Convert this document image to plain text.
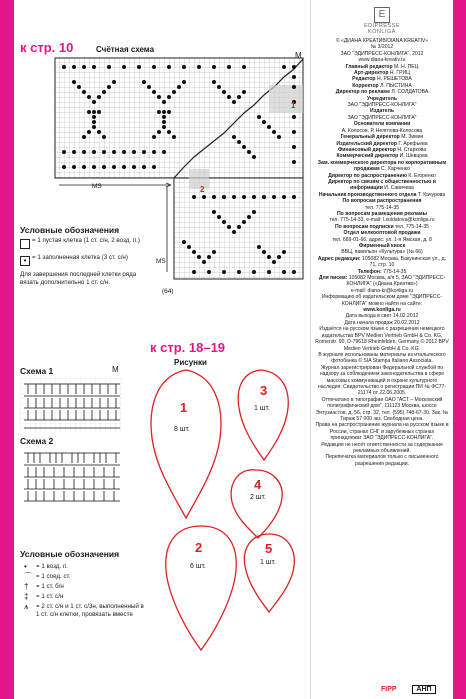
к стр. 10	Счётная схема
M
MS
MS
1
2
(64)
Условные обозначения
= 1 пустая клетка (1 ст. с/н, 2 возд. п.)
• = 1 заполненная клетка (3 ст. с/н)
Для завершения последней клетки ряда вязать дополнительно 1 ст. с/н.
Схема 1	M
Схема 2
Условные обозначения
• = 1 возд. п.
⌒ = 1 соед. ст.
† = 1 ст. б/н
‡ = 1 ст. с/н
⩚ = 2 ст. с/н и 1 ст. с/3н, выполненный в 1 ст. с/н клетки, провязать вместе
к стр. 18–19
Рисунки
1
8 шт.
3
1 шт.
4
2 шт.
2
6 шт.
5
1 шт.
E
EDIPRESSE
KONLIGA
© «ДИАНА КРЕАТИВ/DIANA KREATIV»
№ 3/2012
ЗАО "ЭДИПРЕСС-КОНЛИГА", 2012
www.diana-kreativ.ru
Главный редактор М. Н. ПЕЦ
Арт-директор Н. ГРИЦ
Редактор Н. РЕШЕТОВА
Корректор Л. ПЫСТИНА
Директор по рекламе Л. СОЛДАТОВА
Учредитель
ЗАО "ЭДИПРЕСС-КОНЛИГА"
Издатель
ЗАО "ЭДИПРЕСС-КОНЛИГА"
Основатели компании
А. Колосов, Р. Неяглова-Колосова
Генеральный директор М. Зимин
Издательский директор Г. Арефьева
Финансовый директор Н. Старкова
Коммерческий директор И. Шевцова
Зам. коммерческого директора по корпоративным продажам С. Харченко
Директор по распространению К. Егоренко
Директор по связям с общественностью и информации И. Савичева
Начальник производственного отдела Т. Качурова
По вопросам распространения
тел. 775-14-35
По вопросам размещения рекламы
тел. 775-14-33, e-mail: l.soldatova@konliga.ru
По вопросам подписки тел. 775-14-35
Отдел мелкооптовой продажи
тел. 689-01-66, адрес: ул. 1-я Ямская, д. 8
Фирменный киоск
ВВЦ, павильон «Культура» (№ 66)
Адрес редакции: 105082 Москва, Бакунинская ул., д. 71, стр. 10
Телефон: 775-14-35
Для писем: 105082 Москва, а/я 5, ЗАО "ЭДИПРЕСС-КОНЛИГА" («Диана Креатив»)
e-mail: diana-kr@konliga.ru
Информацию об издательском доме "ЭДИПРЕСС-КОНЛИГА" можно найти на сайте:
www.konliga.ru
Дата выхода в свет 14.02.2012
Дата начала продаж 20.02.2012
Издаётся на русском языке с разрешения немецкого издательства BPV Medien Vertrieb GmbH & Co. KG, Romerstr. 90, D-79618 Rheinfelden, Germany © 2012 BPV Medien Vertrieb GmbH & Co. KG.
В журнале использованы материалы из итальянского фотобанка © SIA Stampa Italiano Associata.
Журнал зарегистрирован Федеральной службой по надзору за соблюдением законодательства в сфере массовых коммуникаций и охране культурного наследия. Свидетельство о регистрации ПИ № ФС77-21174 от 22.06.2005.
Отпечатано в типографии ОАО "АСТ – Московский полиграфический дом", 111123 Москва, шоссе Энтузиастов, д. 56, стр. 32, тел. (595) 748-67-30. Зак. №
Тираж 57 000 экз. Свободная цена.
Права на распространение журнала на русском языке в России, странах СНГ и зарубежных странах принадлежат ЗАО "ЭДИПРЕСС-КОНЛИГА".
Редакция не несёт ответственности за содержание рекламных объявлений.
Перепечатка материалов только с письменного разрешения редакции.
FIPP	АНП
